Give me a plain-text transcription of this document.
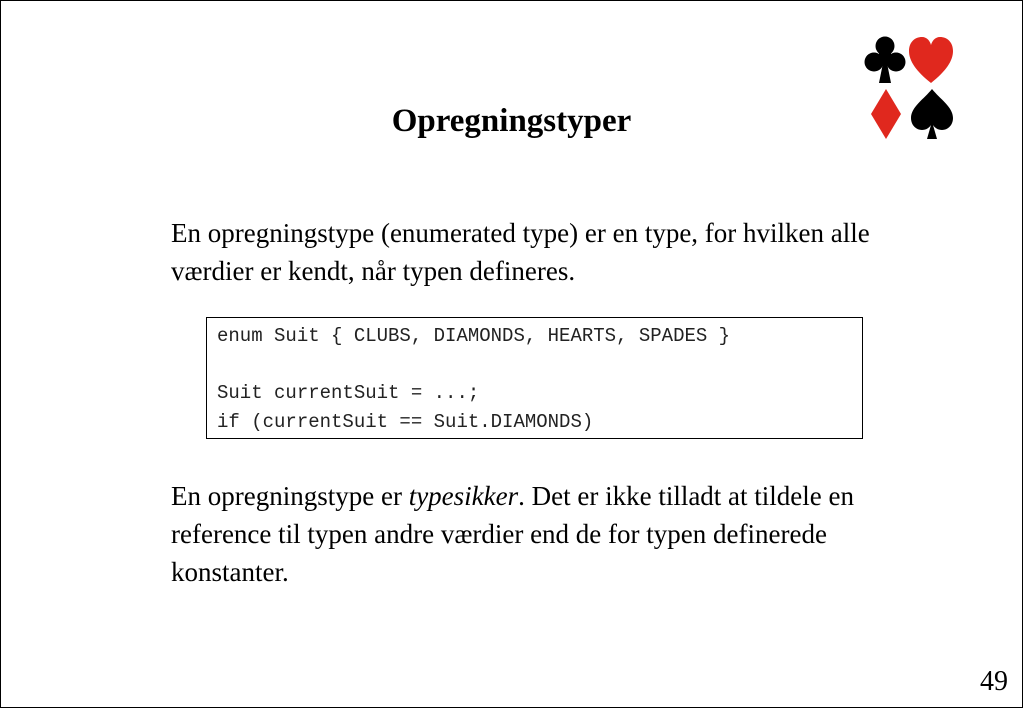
Opregningstyper
En opregningstype (enumerated type) er en type, for hvilken alle værdier er kendt, når typen defineres.
enum Suit { CLUBS, DIAMONDS, HEARTS, SPADES }
Suit currentSuit = ...;
if (currentSuit == Suit.DIAMONDS)
En opregningstype er typesikker. Det er ikke tilladt at tildele en reference til typen andre værdier end de for typen definerede konstanter.
49
